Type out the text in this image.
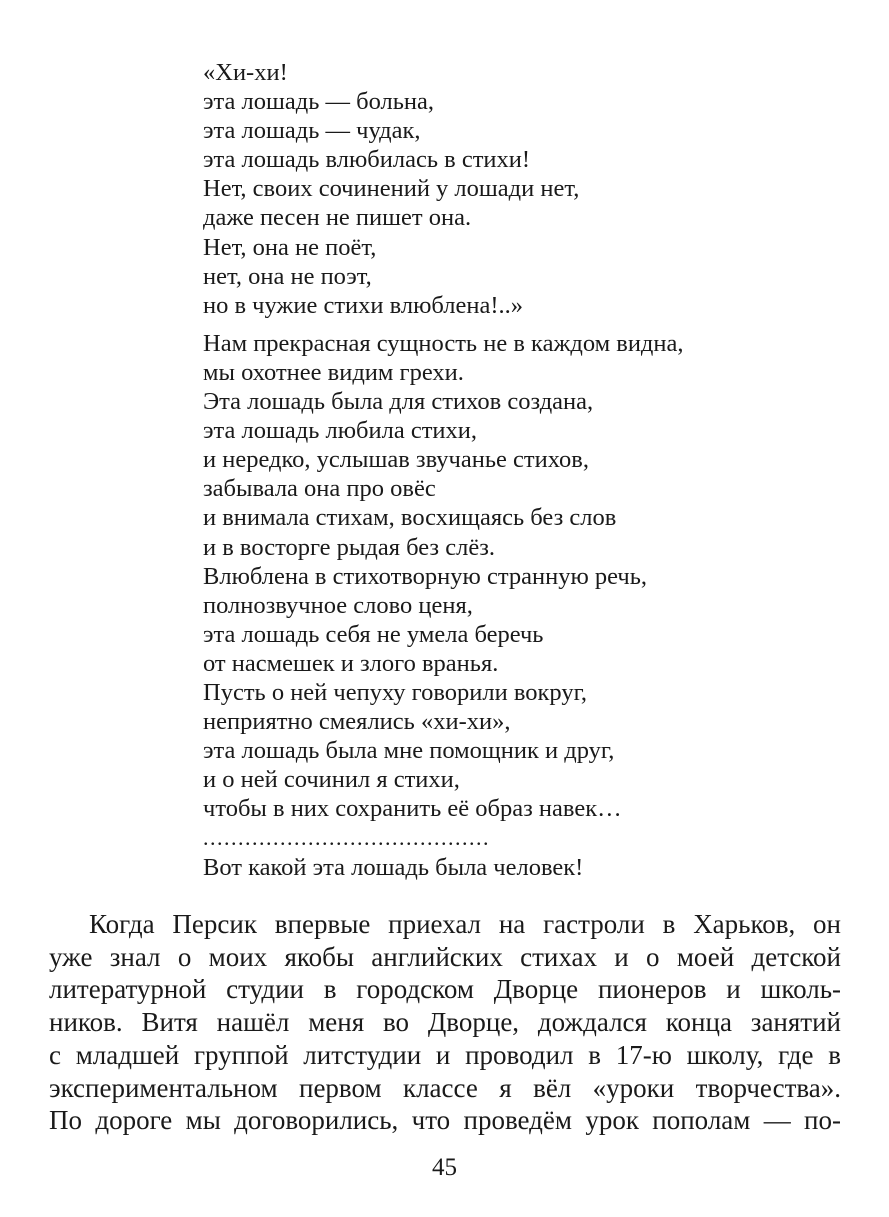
«Хи-хи!
эта лошадь — больна,
эта лошадь — чудак,
эта лошадь влюбилась в стихи!
Нет, своих сочинений у лошади нет,
даже песен не пишет она.
Нет, она не поёт,
нет, она не поэт,
но в чужие стихи влюблена!..»
Нам прекрасная сущность не в каждом видна,
мы охотнее видим грехи.
Эта лошадь была для стихов создана,
эта лошадь любила стихи,
и нередко, услышав звучанье стихов,
забывала она про овёс
и внимала стихам, восхищаясь без слов
и в восторге рыдая без слёз.
Влюблена в стихотворную странную речь,
полнозвучное слово ценя,
эта лошадь себя не умела беречь
от насмешек и злого вранья.
Пусть о ней чепуху говорили вокруг,
неприятно смеялись «хи-хи»,
эта лошадь была мне помощник и друг,
и о ней сочинил я стихи,
чтобы в них сохранить её образ навек…
.........................................
Вот какой эта лошадь была человек!
Когда Персик впервые приехал на гастроли в Харьков, он
уже знал о моих якобы английских стихах и о моей детской
литературной студии в городском Дворце пионеров и школь-
ников. Витя нашёл меня во Дворце, дождался конца занятий
с младшей группой литстудии и проводил в 17-ю школу, где в
экспериментальном первом классе я вёл «уроки творчества».
По дороге мы договорились, что проведём урок пополам — по-
45
